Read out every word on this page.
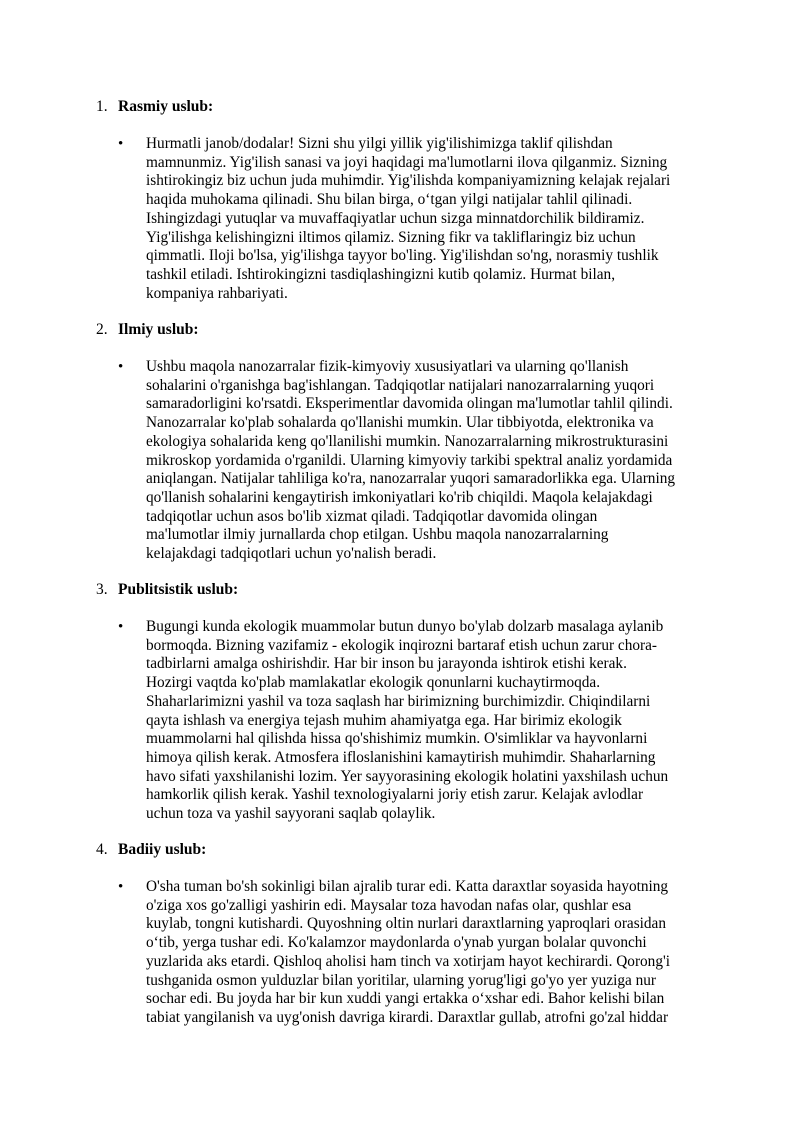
1. Rasmiy uslub:
• Hurmatli janob/dodalar! Sizni shu yilgi yillik yig'ilishimizga taklif qilishdan
mamnunmiz. Yig'ilish sanasi va joyi haqidagi ma'lumotlarni ilova qilganmiz. Sizning
ishtirokingiz biz uchun juda muhimdir. Yig'ilishda kompaniyamizning kelajak rejalari
haqida muhokama qilinadi. Shu bilan birga, o‘tgan yilgi natijalar tahlil qilinadi.
Ishingizdagi yutuqlar va muvaffaqiyatlar uchun sizga minnatdorchilik bildiramiz.
Yig'ilishga kelishingizni iltimos qilamiz. Sizning fikr va takliflaringiz biz uchun
qimmatli. Iloji bo'lsa, yig'ilishga tayyor bo'ling. Yig'ilishdan so'ng, norasmiy tushlik
tashkil etiladi. Ishtirokingizni tasdiqlashingizni kutib qolamiz. Hurmat bilan,
kompaniya rahbariyati.
2. Ilmiy uslub:
• Ushbu maqola nanozarralar fizik-kimyoviy xususiyatlari va ularning qo'llanish
sohalarini o'rganishga bag'ishlangan. Tadqiqotlar natijalari nanozarralarning yuqori
samaradorligini ko'rsatdi. Eksperimentlar davomida olingan ma'lumotlar tahlil qilindi.
Nanozarralar ko'plab sohalarda qo'llanishi mumkin. Ular tibbiyotda, elektronika va
ekologiya sohalarida keng qo'llanilishi mumkin. Nanozarralarning mikrostrukturasini
mikroskop yordamida o'rganildi. Ularning kimyoviy tarkibi spektral analiz yordamida
aniqlangan. Natijalar tahliliga ko'ra, nanozarralar yuqori samaradorlikka ega. Ularning
qo'llanish sohalarini kengaytirish imkoniyatlari ko'rib chiqildi. Maqola kelajakdagi
tadqiqotlar uchun asos bo'lib xizmat qiladi. Tadqiqotlar davomida olingan
ma'lumotlar ilmiy jurnallarda chop etilgan. Ushbu maqola nanozarralarning
kelajakdagi tadqiqotlari uchun yo'nalish beradi.
3. Publitsistik uslub:
• Bugungi kunda ekologik muammolar butun dunyo bo'ylab dolzarb masalaga aylanib
bormoqda. Bizning vazifamiz - ekologik inqirozni bartaraf etish uchun zarur chora-
tadbirlarni amalga oshirishdir. Har bir inson bu jarayonda ishtirok etishi kerak.
Hozirgi vaqtda ko'plab mamlakatlar ekologik qonunlarni kuchaytirmoqda.
Shaharlarimizni yashil va toza saqlash har birimizning burchimizdir. Chiqindilarni
qayta ishlash va energiya tejash muhim ahamiyatga ega. Har birimiz ekologik
muammolarni hal qilishda hissa qo'shishimiz mumkin. O'simliklar va hayvonlarni
himoya qilish kerak. Atmosfera ifloslanishini kamaytirish muhimdir. Shaharlarning
havo sifati yaxshilanishi lozim. Yer sayyorasining ekologik holatini yaxshilash uchun
hamkorlik qilish kerak. Yashil texnologiyalarni joriy etish zarur. Kelajak avlodlar
uchun toza va yashil sayyorani saqlab qolaylik.
4. Badiiy uslub:
• O'sha tuman bo'sh sokinligi bilan ajralib turar edi. Katta daraxtlar soyasida hayotning
o'ziga xos go'zalligi yashirin edi. Maysalar toza havodan nafas olar, qushlar esa
kuylab, tongni kutishardi. Quyoshning oltin nurlari daraxtlarning yaproqlari orasidan
o‘tib, yerga tushar edi. Ko'kalamzor maydonlarda o'ynab yurgan bolalar quvonchi
yuzlarida aks etardi. Qishloq aholisi ham tinch va xotirjam hayot kechirardi. Qorong'i
tushganida osmon yulduzlar bilan yoritilar, ularning yorug'ligi go'yo yer yuziga nur
sochar edi. Bu joyda har bir kun xuddi yangi ertakka o‘xshar edi. Bahor kelishi bilan
tabiat yangilanish va uyg'onish davriga kirardi. Daraxtlar gullab, atrofni go'zal hiddar
